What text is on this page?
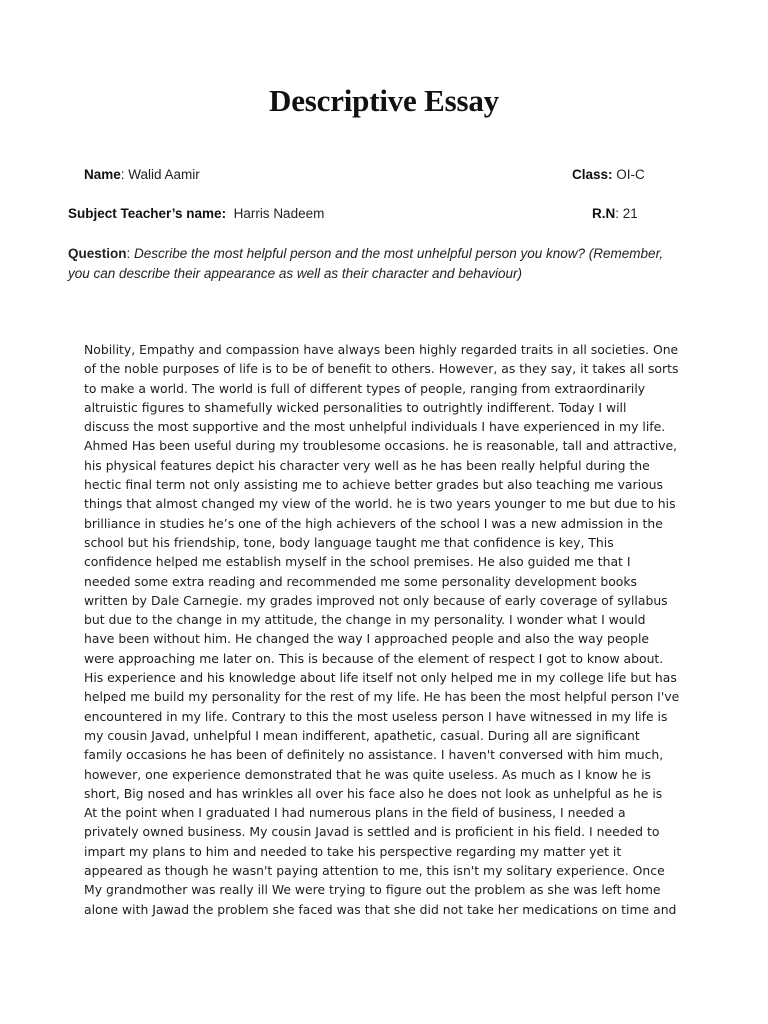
Descriptive Essay
Name: Walid Aamir	Class: OI-C
Subject Teacher’s name:  Harris Nadeem	R.N: 21
Question: Describe the most helpful person and the most unhelpful person you know? (Remember, you can describe their appearance as well as their character and behaviour)
Nobility, Empathy and compassion have always been highly regarded traits in all societies. One
of the noble purposes of life is to be of benefit to others. However, as they say, it takes all sorts
to make a world. The world is full of different types of people, ranging from extraordinarily
altruistic figures to shamefully wicked personalities to outrightly indifferent. Today I will
discuss the most supportive and the most unhelpful individuals I have experienced in my life.
Ahmed Has been useful during my troublesome occasions. he is reasonable, tall and attractive,
his physical features depict his character very well as he has been really helpful during the
hectic final term not only assisting me to achieve better grades but also teaching me various
things that almost changed my view of the world. he is two years younger to me but due to his
brilliance in studies he’s one of the high achievers of the school I was a new admission in the
school but his friendship, tone, body language taught me that confidence is key, This
confidence helped me establish myself in the school premises. He also guided me that I
needed some extra reading and recommended me some personality development books
written by Dale Carnegie. my grades improved not only because of early coverage of syllabus
but due to the change in my attitude, the change in my personality. I wonder what I would
have been without him. He changed the way I approached people and also the way people
were approaching me later on. This is because of the element of respect I got to know about.
His experience and his knowledge about life itself not only helped me in my college life but has
helped me build my personality for the rest of my life. He has been the most helpful person I've
encountered in my life. Contrary to this the most useless person I have witnessed in my life is
my cousin Javad, unhelpful I mean indifferent, apathetic, casual. During all are significant
family occasions he has been of definitely no assistance. I haven't conversed with him much,
however, one experience demonstrated that he was quite useless. As much as I know he is
short, Big nosed and has wrinkles all over his face also he does not look as unhelpful as he is
At the point when I graduated I had numerous plans in the field of business, I needed a
privately owned business. My cousin Javad is settled and is proficient in his field. I needed to
impart my plans to him and needed to take his perspective regarding my matter yet it
appeared as though he wasn't paying attention to me, this isn't my solitary experience. Once
My grandmother was really ill We were trying to figure out the problem as she was left home
alone with Jawad the problem she faced was that she did not take her medications on time and
